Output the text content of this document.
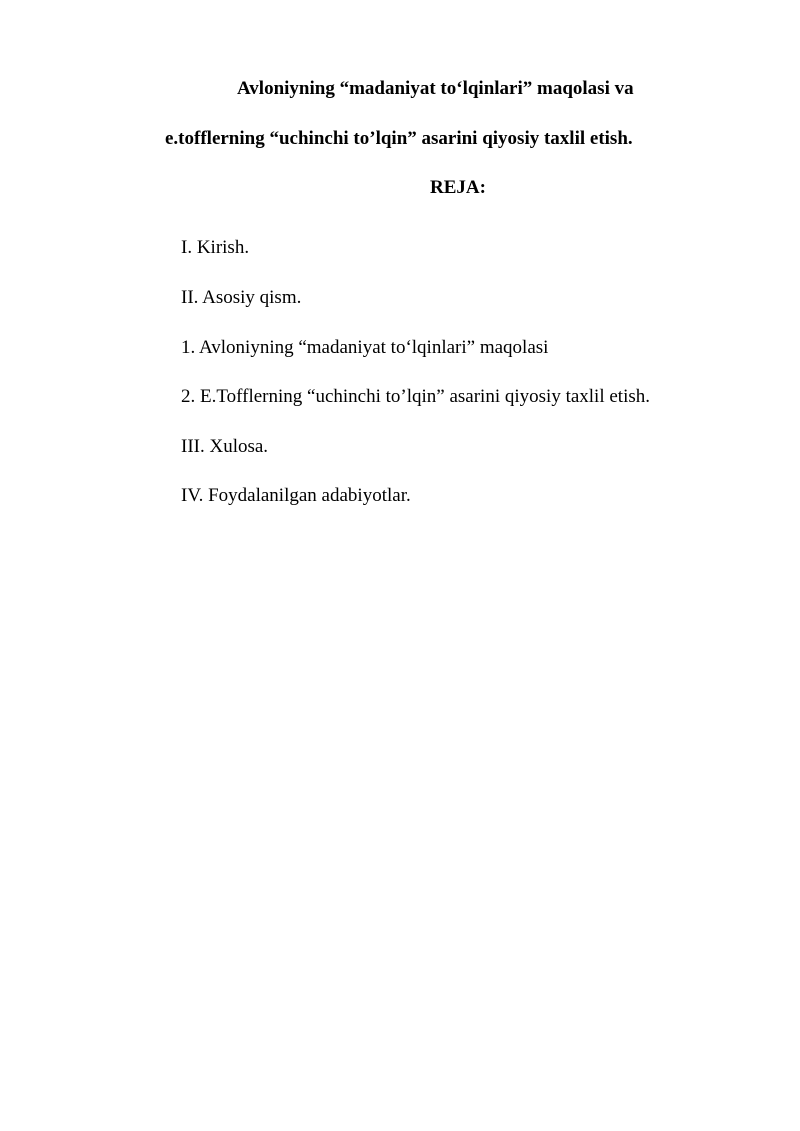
Avloniyning “madaniyat to‘lqinlari” maqolasi va
e.tofflerning “uchinchi to’lqin” asarini qiyosiy taxlil etish.
REJA:
I. Kirish.
II. Asosiy qism.
1. Avloniyning “madaniyat to‘lqinlari” maqolasi
2. E.Tofflerning “uchinchi to’lqin” asarini qiyosiy taxlil etish.
III. Xulosa.
IV. Foydalanilgan adabiyotlar.
